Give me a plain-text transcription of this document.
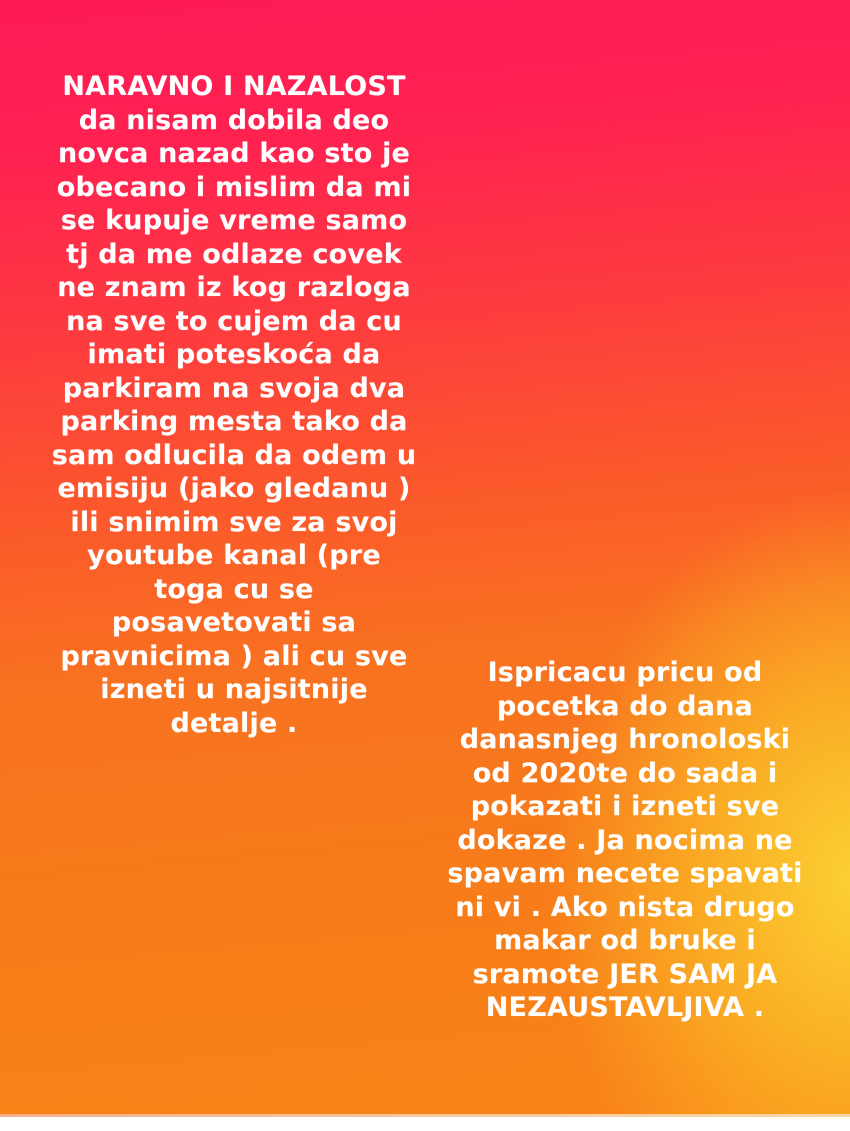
NARAVNO I NAZALOST
da nisam dobila deo
novca nazad kao sto je
obecano i mislim da mi
se kupuje vreme samo
tj da me odlaze covek
ne znam iz kog razloga
na sve to cujem da cu
imati poteskoća da
parkiram na svoja dva
parking mesta tako da
sam odlucila da odem u
emisiju (jako gledanu )
ili snimim sve za svoj
youtube kanal (pre
toga cu se
posavetovati sa
pravnicima ) ali cu sve
izneti u najsitnije
detalje .
Ispricacu pricu od
pocetka do dana
danasnjeg hronoloski
od 2020te do sada i
pokazati i izneti sve
dokaze . Ja nocima ne
spavam necete spavati
ni vi . Ako nista drugo
makar od bruke i
sramote JER SAM JA
NEZAUSTAVLJIVA .
